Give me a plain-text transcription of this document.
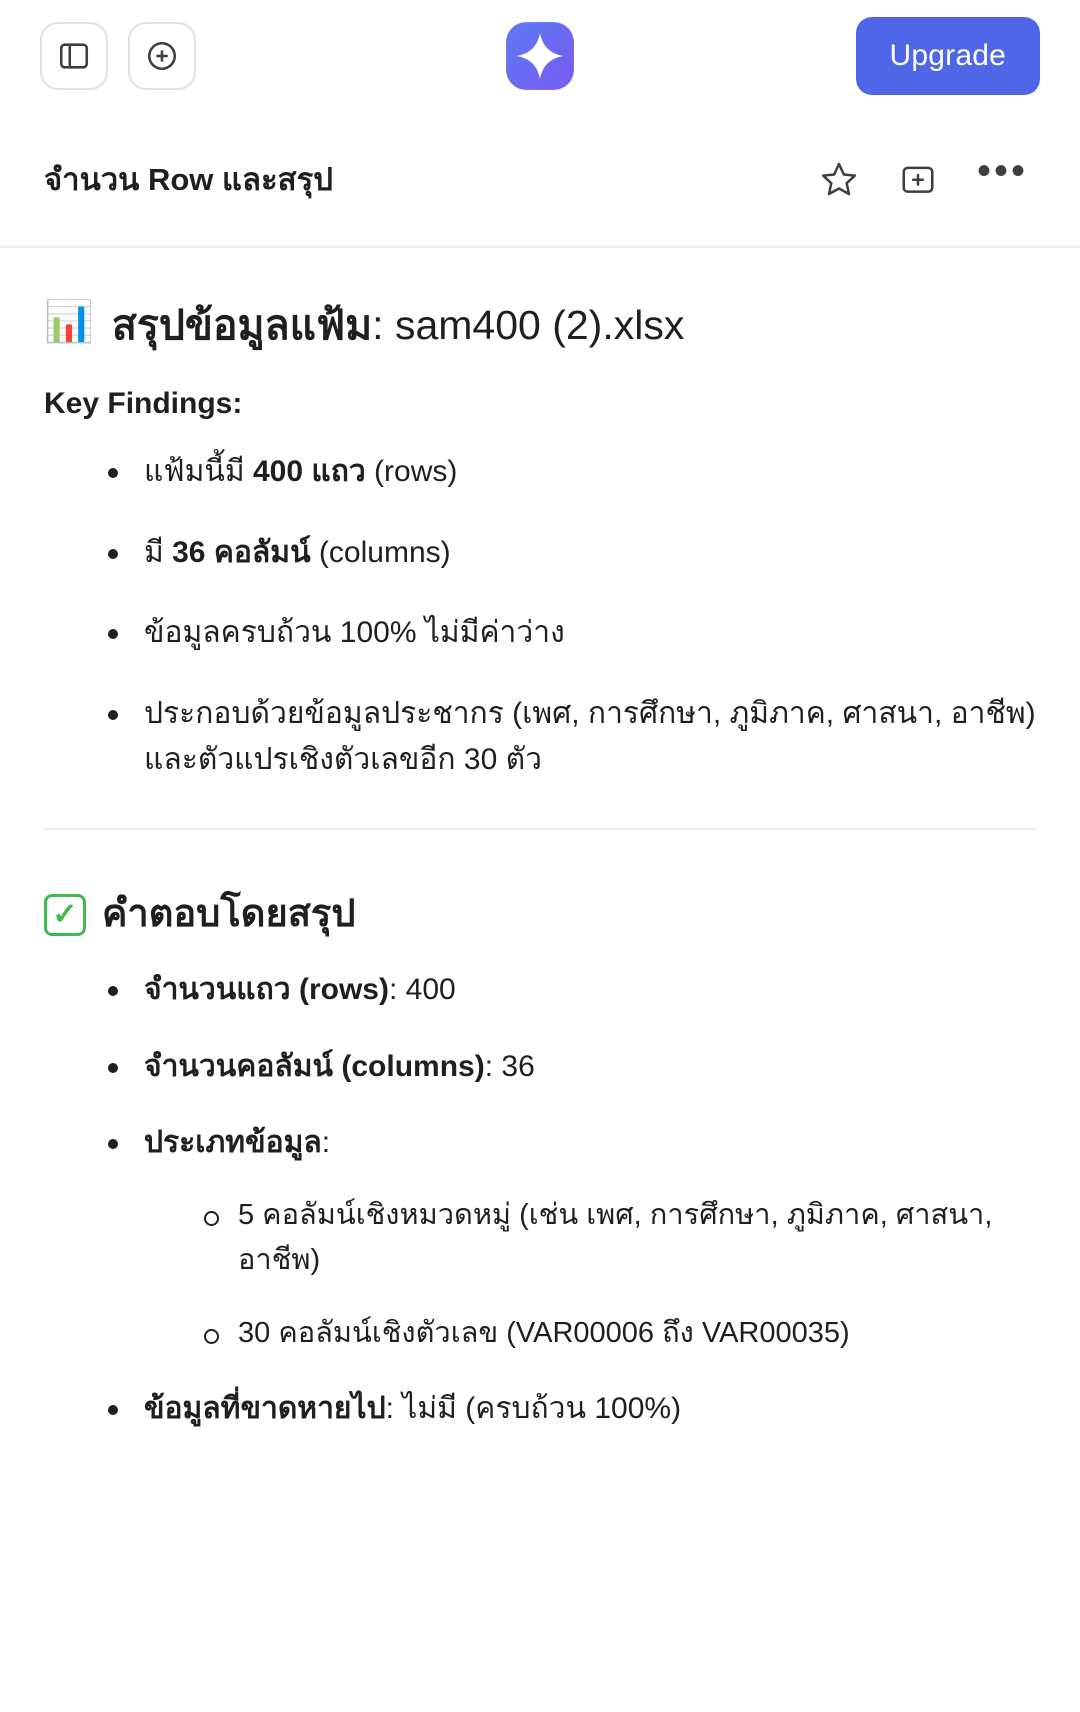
Upgrade
จำนวน Row และสรุป	•••
📊 สรุปข้อมูลแฟ้ม: sam400 (2).xlsx
Key Findings:
แฟ้มนี้มี 400 แถว (rows)
มี 36 คอลัมน์ (columns)
ข้อมูลครบถ้วน 100% ไม่มีค่าว่าง
ประกอบด้วยข้อมูลประชากร (เพศ, การศึกษา, ภูมิภาค, ศาสนา, อาชีพ) และตัวแปรเชิงตัวเลขอีก 30 ตัว
✓ คำตอบโดยสรุป
จำนวนแถว (rows): 400
จำนวนคอลัมน์ (columns): 36
ประเภทข้อมูล:
5 คอลัมน์เชิงหมวดหมู่ (เช่น เพศ, การศึกษา, ภูมิภาค, ศาสนา, อาชีพ)
30 คอลัมน์เชิงตัวเลข (VAR00006 ถึง VAR00035)
ข้อมูลที่ขาดหายไป: ไม่มี (ครบถ้วน 100%)
